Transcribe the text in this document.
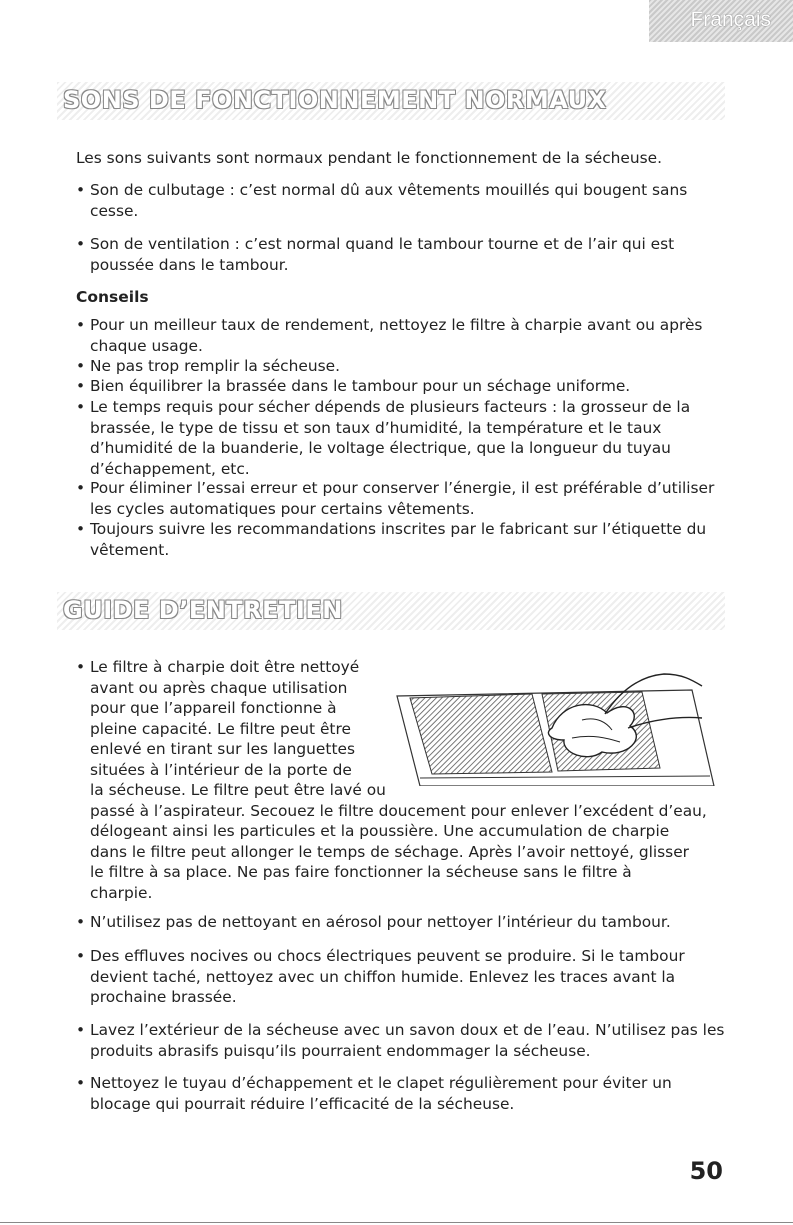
Français
SONS DE FONCTIONNEMENT NORMAUX
Les sons suivants sont normaux pendant le fonctionnement de la sécheuse.
• Son de culbutage : c’est normal dû aux vêtements mouillés qui bougent sans cesse.
• Son de ventilation : c’est normal quand le tambour tourne et de l’air qui est poussée dans le tambour.
Conseils
• Pour un meilleur taux de rendement, nettoyez le filtre à charpie avant ou après chaque usage.
• Ne pas trop remplir la sécheuse.
• Bien équilibrer la brassée dans le tambour pour un séchage uniforme.
• Le temps requis pour sécher dépends de plusieurs facteurs : la grosseur de la brassée, le type de tissu et son taux d’humidité, la température et le taux d’humidité de la buanderie, le voltage électrique, que la longueur du tuyau d’échappement, etc.
• Pour éliminer l’essai erreur et pour conserver l’énergie, il est préférable d’utiliser les cycles automatiques pour certains vêtements.
• Toujours suivre les recommandations inscrites par le fabricant sur l’étiquette du vêtement.
GUIDE D’ENTRETIEN
• Le filtre à charpie doit être nettoyé
avant ou après chaque utilisation
pour que l’appareil fonctionne à
pleine capacité. Le filtre peut être
enlevé en tirant sur les languettes
situées à l’intérieur de la porte de
la sécheuse. Le filtre peut être lavé ou
passé à l’aspirateur. Secouez le filtre doucement pour enlever l’excédent d’eau,
délogeant ainsi les particules et la poussière. Une accumulation de charpie
dans le filtre peut allonger le temps de séchage. Après l’avoir nettoyé, glisser
le filtre à sa place. Ne pas faire fonctionner la sécheuse sans le filtre à
charpie.
• N’utilisez pas de nettoyant en aérosol pour nettoyer l’intérieur du tambour.
• Des effluves nocives ou chocs électriques peuvent se produire. Si le tambour devient taché, nettoyez avec un chiffon humide. Enlevez les traces avant la prochaine brassée.
• Lavez l’extérieur de la sécheuse avec un savon doux et de l’eau. N’utilisez pas les produits abrasifs puisqu’ils pourraient endommager la sécheuse.
• Nettoyez le tuyau d’échappement et le clapet régulièrement pour éviter un blocage qui pourrait réduire l’efficacité de la sécheuse.
50
